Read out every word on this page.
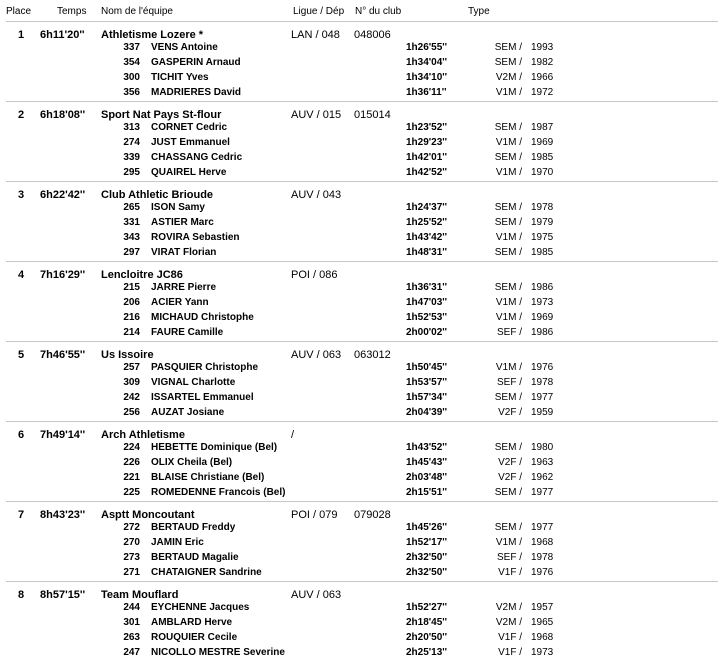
Place	Temps Nom de l'équipe	Ligue / Dép N° du club	Type
1 6h11'20'' Athletisme Lozere *	LAN / 048 048006
337 VENS Antoine	1h26'55''	SEM / 1993
354 GASPERIN Arnaud	1h34'04''	SEM / 1982
300 TICHIT Yves	1h34'10''	V2M / 1966
356 MADRIERES David	1h36'11''	V1M / 1972
2 6h18'08'' Sport Nat Pays St-flour	AUV / 015 015014
313 CORNET Cedric	1h23'52''	SEM / 1987
274 JUST Emmanuel	1h29'23''	V1M / 1969
339 CHASSANG Cedric	1h42'01''	SEM / 1985
295 QUAIREL Herve	1h42'52''	V1M / 1970
3 6h22'42'' Club Athletic Brioude	AUV / 043
265 ISON Samy	1h24'37''	SEM / 1978
331 ASTIER Marc	1h25'52''	SEM / 1979
343 ROVIRA Sebastien	1h43'42''	V1M / 1975
297 VIRAT Florian	1h48'31''	SEM / 1985
4 7h16'29'' Lencloitre JC86	POI / 086
215 JARRE Pierre	1h36'31''	SEM / 1986
206 ACIER Yann	1h47'03''	V1M / 1973
216 MICHAUD Christophe	1h52'53''	V1M / 1969
214 FAURE Camille	2h00'02''	SEF / 1986
5 7h46'55'' Us Issoire	AUV / 063 063012
257 PASQUIER Christophe	1h50'45''	V1M / 1976
309 VIGNAL Charlotte	1h53'57''	SEF / 1978
242 ISSARTEL Emmanuel	1h57'34''	SEM / 1977
256 AUZAT Josiane	2h04'39''	V2F / 1959
6 7h49'14'' Arch Athletisme	/
224 HEBETTE Dominique (Bel)	1h43'52''	SEM / 1980
226 OLIX Cheila (Bel)	1h45'43''	V2F / 1963
221 BLAISE Christiane (Bel)	2h03'48''	V2F / 1962
225 ROMEDENNE Francois (Bel)	2h15'51''	SEM / 1977
7 8h43'23'' Asptt Moncoutant	POI / 079 079028
272 BERTAUD Freddy	1h45'26''	SEM / 1977
270 JAMIN Eric	1h52'17''	V1M / 1968
273 BERTAUD Magalie	2h32'50''	SEF / 1978
271 CHATAIGNER Sandrine	2h32'50''	V1F / 1976
8 8h57'15'' Team Mouflard	AUV / 063
244 EYCHENNE Jacques	1h52'27''	V2M / 1957
301 AMBLARD Herve	2h18'45''	V2M / 1965
263 ROUQUIER Cecile	2h20'50''	V1F / 1968
247 NICOLLO MESTRE Severine	2h25'13''	V1F / 1973
